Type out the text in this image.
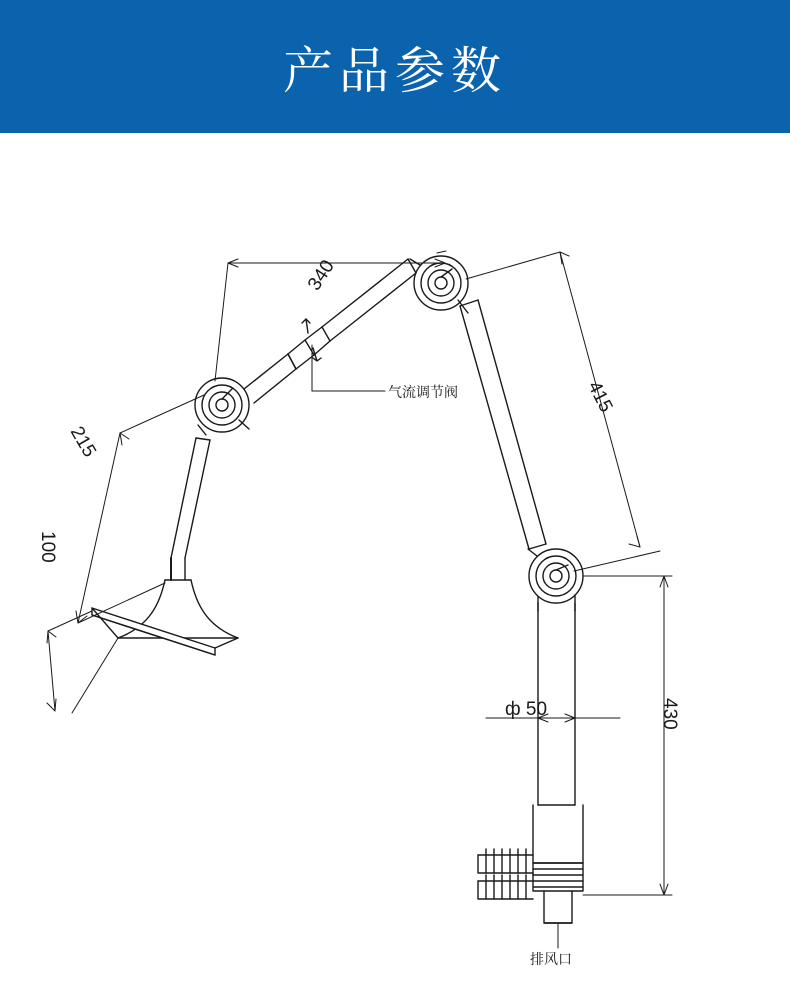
产品参数
340
415
215
100
430
ф 50
气流调节阀
排风口
